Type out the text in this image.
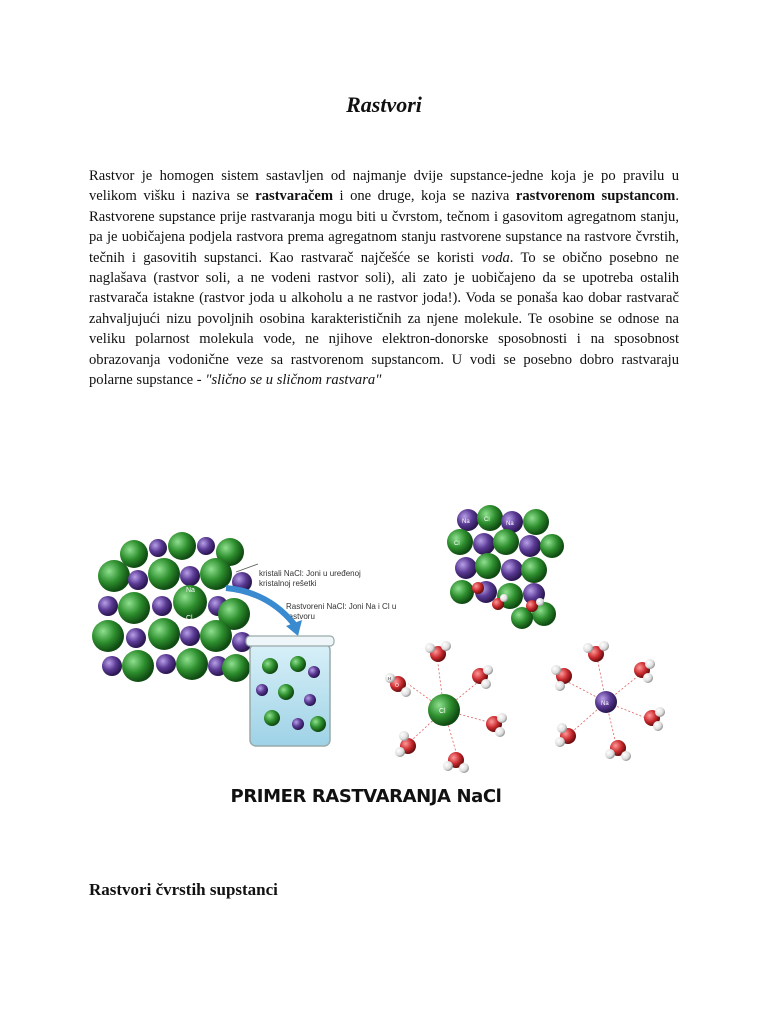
Rastvori
Rastvor je homogen sistem sastavljen od najmanje dvije supstance-jedne koja je po pravilu u velikom višku i naziva se rastvaračem i one druge, koja se naziva rastvorenom supstancom. Rastvorene supstance prije rastvaranja mogu biti u čvrstom, tečnom i gasovitom agregatnom stanju, pa je uobičajena podjela rastvora prema agregatnom stanju rastvorene supstance na rastvore čvrstih, tečnih i gasovitih supstanci. Kao rastvarač najčešće se koristi voda. To se obično posebno ne naglašava (rastvor soli, a ne vodeni rastvor soli), ali zato je uobičajeno da se upotreba ostalih rastvarača istakne (rastvor joda u alkoholu a ne rastvor joda!). Voda se ponaša kao dobar rastvarač zahvaljujući nizu povoljnih osobina karakterističnih za njene molekule. Te osobine se odnose na veliku polarnost molekula vode, ne njihove elektron-donorske sposobnosti i na sposobnost obrazovanja vodonične veze sa rastvorenom supstancom. U vodi se posebno dobro rastvaraju polarne supstance - "slično se u sličnom rastvara"
Na
Cl
kristali NaCl: Joni u uređenoj
kristalnoj rešetki
Rastvoreni NaCl: Joni Na i Cl u
rastvoru
Na Cl
Na
Cl
Cl
Na
O
H
PRIMER RASTVARANJA NaCl
Rastvori čvrstih supstanci
